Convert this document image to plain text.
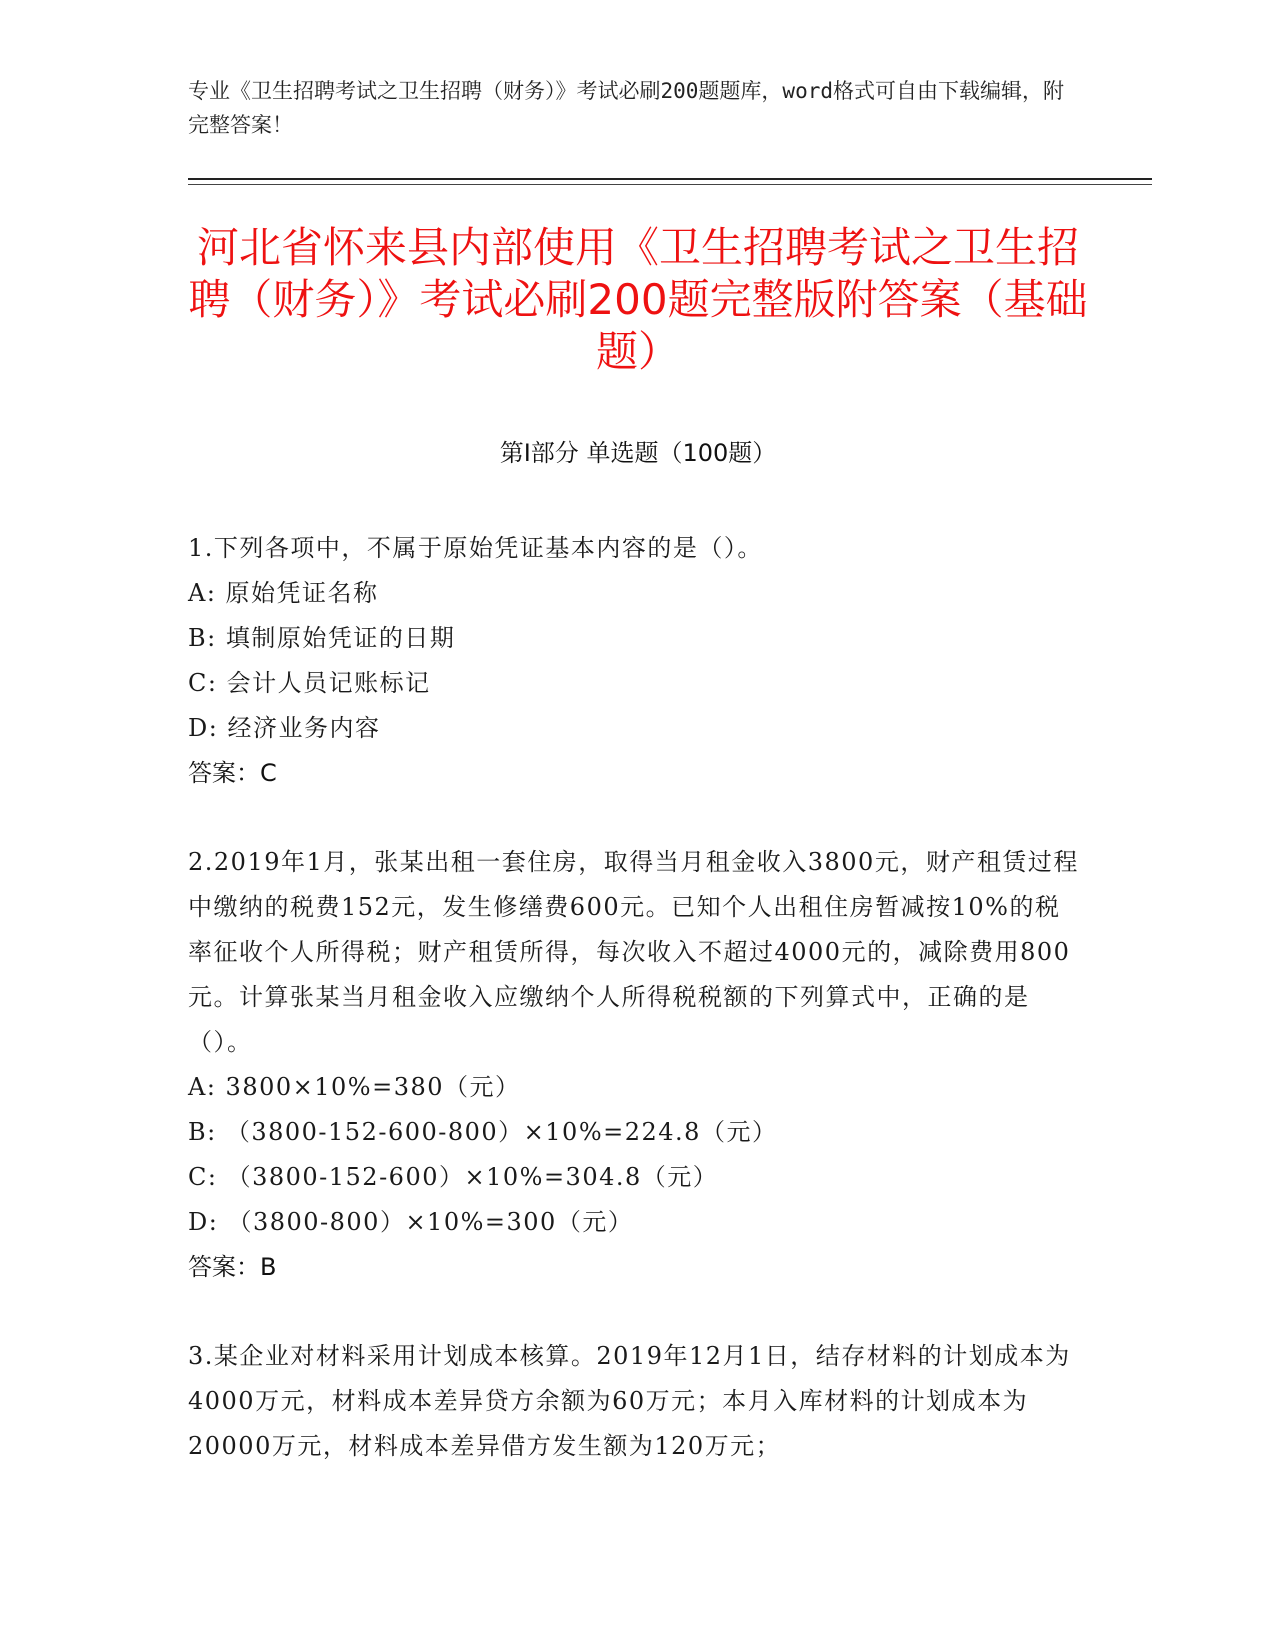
专业《卫生招聘考试之卫生招聘（财务）》考试必刷200题题库，word格式可自由下载编辑，附完整答案！
河北省怀来县内部使用《卫生招聘考试之卫生招聘（财务）》考试必刷200题完整版附答案（基础题）
第Ⅰ部分 单选题（100题）
1.下列各项中，不属于原始凭证基本内容的是（）。
A: 原始凭证名称
B: 填制原始凭证的日期
C: 会计人员记账标记
D: 经济业务内容
答案：C
2.2019年1月，张某出租一套住房，取得当月租金收入3800元，财产租赁过程中缴纳的税费152元，发生修缮费600元。已知个人出租住房暂减按10%的税率征收个人所得税；财产租赁所得，每次收入不超过4000元的，减除费用800元。计算张某当月租金收入应缴纳个人所得税税额的下列算式中，正确的是（）。
A: 3800×10%=380（元）
B: （3800-152-600-800）×10%=224.8（元）
C: （3800-152-600）×10%=304.8（元）
D: （3800-800）×10%=300（元）
答案：B
3.某企业对材料采用计划成本核算。2019年12月1日，结存材料的计划成本为4000万元，材料成本差异贷方余额为60万元；本月入库材料的计划成本为20000万元，材料成本差异借方发生额为120万元；
